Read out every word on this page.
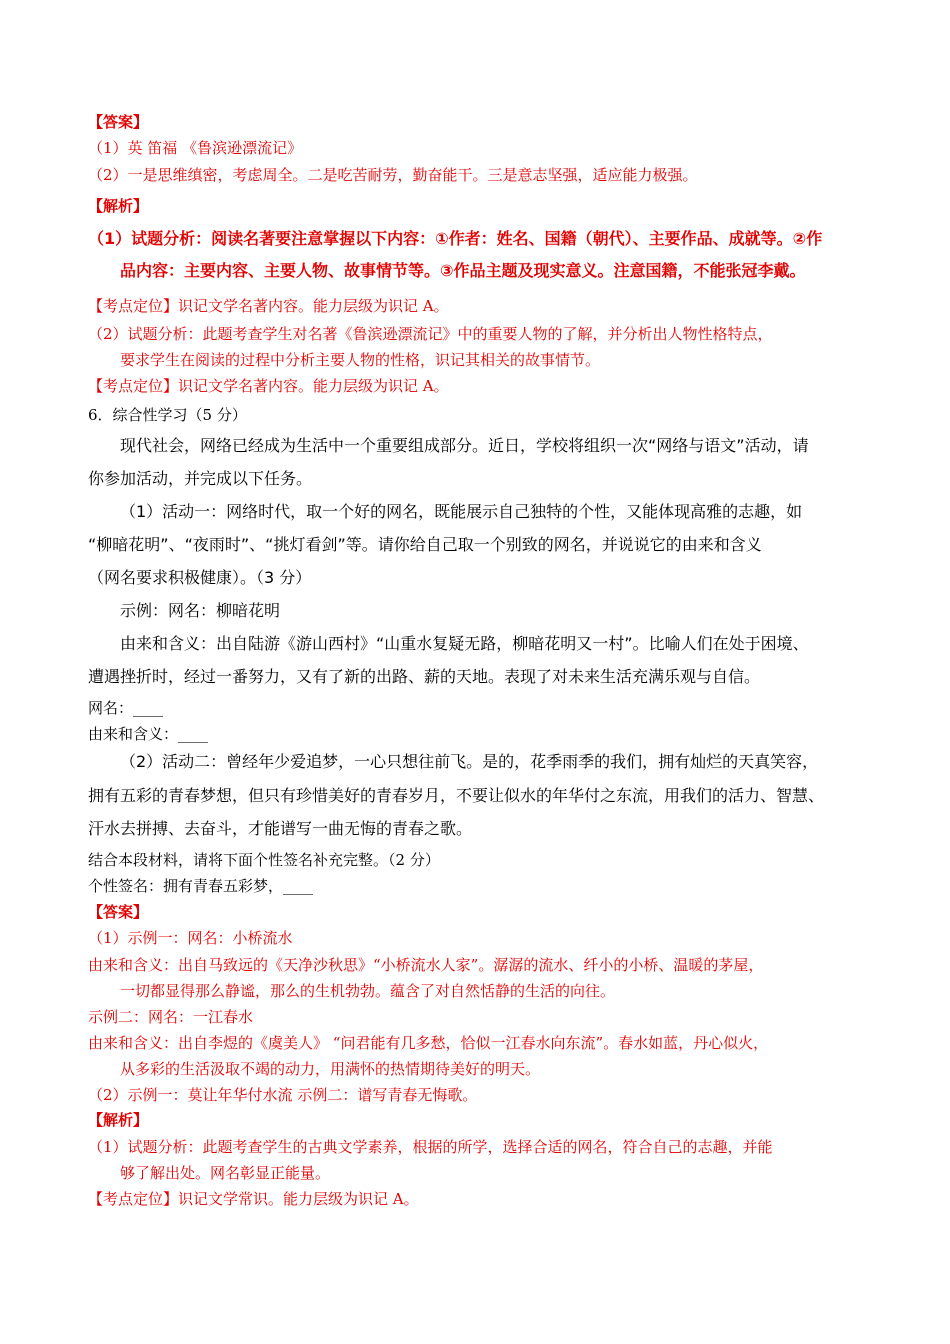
【答案】
（1）英 笛福 《鲁滨逊漂流记》
（2）一是思维缜密，考虑周全。二是吃苦耐劳，勤奋能干。三是意志坚强，适应能力极强。
【解析】
（1）试题分析：阅读名著要注意掌握以下内容：①作者：姓名、国籍（朝代）、主要作品、成就等。②作
品内容：主要内容、主要人物、故事情节等。③作品主题及现实意义。注意国籍，不能张冠李戴。
【考点定位】识记文学名著内容。能力层级为识记 A。
（2）试题分析：此题考查学生对名著《鲁滨逊漂流记》中的重要人物的了解，并分析出人物性格特点，
要求学生在阅读的过程中分析主要人物的性格，识记其相关的故事情节。
【考点定位】识记文学名著内容。能力层级为识记 A。
6．综合性学习（5 分）
现代社会，网络已经成为生活中一个重要组成部分。近日，学校将组织一次“网络与语文”活动，请
你参加活动，并完成以下任务。
（1）活动一：网络时代，取一个好的网名，既能展示自己独特的个性，又能体现高雅的志趣，如
“柳暗花明”、“夜雨时”、“挑灯看剑”等。请你给自己取一个别致的网名，并说说它的由来和含义
（网名要求积极健康）。（3 分）
示例：网名：柳暗花明
由来和含义：出自陆游《游山西村》“山重水复疑无路，柳暗花明又一村”。比喻人们在处于困境、
遭遇挫折时，经过一番努力，又有了新的出路、薪的天地。表现了对未来生活充满乐观与自信。
网名：____
由来和含义：____
（2）活动二：曾经年少爱追梦，一心只想往前飞。是的，花季雨季的我们，拥有灿烂的天真笑容，
拥有五彩的青春梦想，但只有珍惜美好的青春岁月，不要让似水的年华付之东流，用我们的活力、智慧、
汗水去拼搏、去奋斗，才能谱写一曲无悔的青春之歌。
结合本段材料，请将下面个性签名补充完整。（2 分）
个性签名：拥有青春五彩梦，____
【答案】
（1）示例一：网名：小桥流水
由来和含义：出自马致远的《天净沙秋思》“小桥流水人家”。潺潺的流水、纤小的小桥、温暖的茅屋，
一切都显得那么静谧，那么的生机勃勃。蕴含了对自然恬静的生活的向往。
示例二：网名：一江春水
由来和含义：出自李煜的《虞美人》 “问君能有几多愁，恰似一江春水向东流”。春水如蓝，丹心似火，
从多彩的生活汲取不竭的动力，用满怀的热情期待美好的明天。
（2）示例一：莫让年华付水流 示例二：谱写青春无悔歌。
【解析】
（1）试题分析：此题考查学生的古典文学素养，根据的所学，选择合适的网名，符合自己的志趣，并能
够了解出处。网名彰显正能量。
【考点定位】识记文学常识。能力层级为识记 A。
